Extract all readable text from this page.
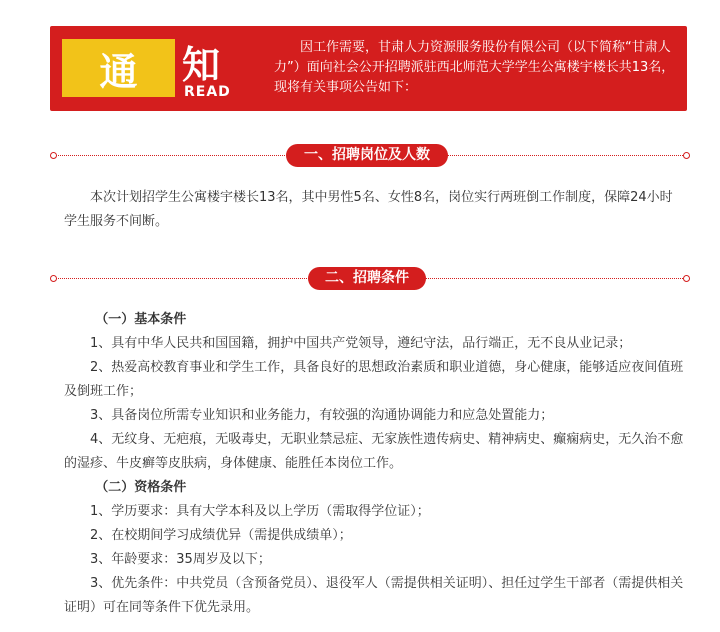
通 知
READ
因工作需要，甘肃人力资源服务股份有限公司（以下简称“甘肃人力”）面向社会公开招聘派驻西北师范大学学生公寓楼宇楼长共13名，现将有关事项公告如下：
一、招聘岗位及人数
本次计划招学生公寓楼宇楼长13名，其中男性5名、女性8名，岗位实行两班倒工作制度，保障24小时学生服务不间断。
二、招聘条件
（一）基本条件
1、具有中华人民共和国国籍，拥护中国共产党领导，遵纪守法，品行端正，无不良从业记录；
2、热爱高校教育事业和学生工作，具备良好的思想政治素质和职业道德，身心健康，能够适应夜间值班及倒班工作；
3、具备岗位所需专业知识和业务能力，有较强的沟通协调能力和应急处置能力；
4、无纹身、无疤痕，无吸毒史，无职业禁忌症、无家族性遗传病史、精神病史、癫痫病史，无久治不愈的湿疹、牛皮癣等皮肤病，身体健康、能胜任本岗位工作。
（二）资格条件
1、学历要求：具有大学本科及以上学历（需取得学位证）；
2、在校期间学习成绩优异（需提供成绩单）；
3、年龄要求：35周岁及以下；
3、优先条件：中共党员（含预备党员）、退役军人（需提供相关证明）、担任过学生干部者（需提供相关证明）可在同等条件下优先录用。
